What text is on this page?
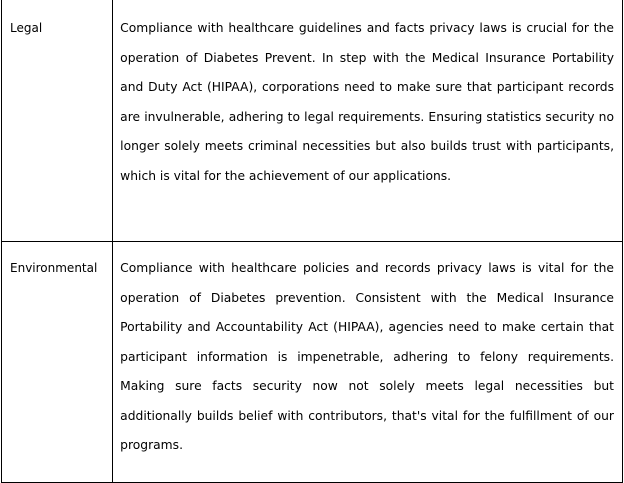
Legal	Compliance with healthcare guidelines and facts privacy laws is crucial for the operation of Diabetes Prevent. In step with the Medical Insurance Portability and Duty Act (HIPAA), corporations need to make sure that participant records are invulnerable, adhering to legal requirements. Ensuring statistics security no longer solely meets criminal necessities but also builds trust with participants, which is vital for the achievement of our applications.
Environmental	Compliance with healthcare policies and records privacy laws is vital for the operation of Diabetes prevention. Consistent with the Medical Insurance Portability and Accountability Act (HIPAA), agencies need to make certain that participant information is impenetrable, adhering to felony requirements. Making sure facts security now not solely meets legal necessities but additionally builds belief with contributors, that's vital for the fulfillment of our programs.
